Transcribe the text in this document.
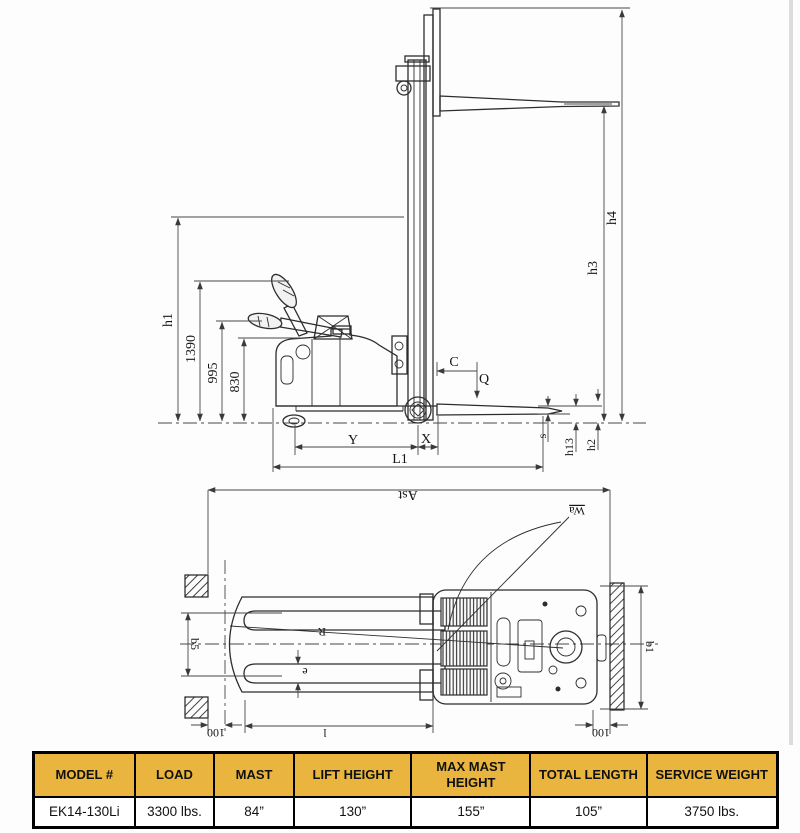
h1
1390
995 830
h3
h4
C
Q
Y	X
L1
s
h13 h2
Ast
Wa
b5	b1
R
e
l
100	100
MODEL #	LOAD	MAST	LIFT HEIGHT	MAX MAST HEIGHT	TOTAL LENGTH	SERVICE WEIGHT
EK14-130Li	3300 lbs.	84”	130”	155”	105”	3750 lbs.
